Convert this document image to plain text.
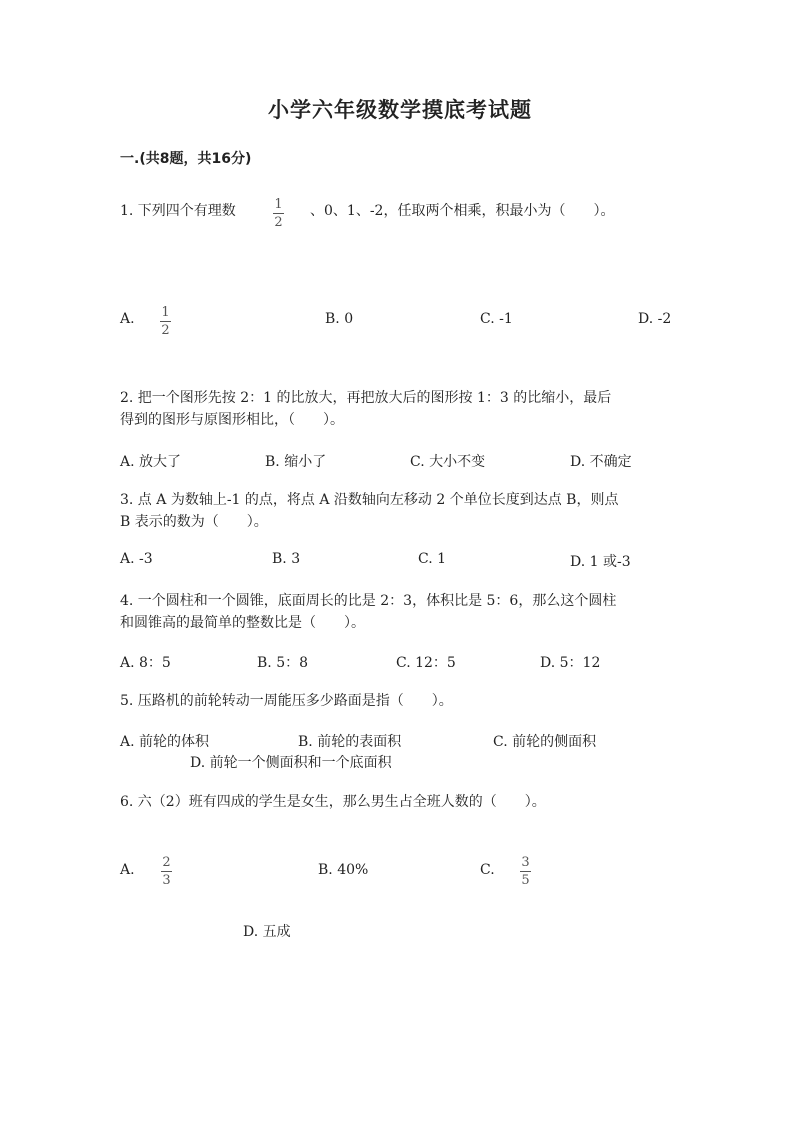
小学六年级数学摸底考试题
一.(共8题，共16分)
1. 下列四个有理数	1
2
、0、1、-2，任取两个相乘，积最小为（　　）。
A. 1
2
B. 0	C. -1	D. -2
2. 把一个图形先按 2：1 的比放大，再把放大后的图形按 1：3 的比缩小，最后
得到的图形与原图形相比，（　　）。
A. 放大了	B. 缩小了	C. 大小不变	D. 不确定
3. 点 A 为数轴上-1 的点，将点 A 沿数轴向左移动 2 个单位长度到达点 B，则点
B 表示的数为（　　）。
A. -3	B. 3	C. 1	D. 1 或-3
4. 一个圆柱和一个圆锥，底面周长的比是 2：3，体积比是 5：6，那么这个圆柱
和圆锥高的最简单的整数比是（　　）。
A. 8：5	B. 5：8	C. 12：5	D. 5：12
5. 压路机的前轮转动一周能压多少路面是指（　　）。
A. 前轮的体积	B. 前轮的表面积	C. 前轮的侧面积
D. 前轮一个侧面积和一个底面积
6. 六（2）班有四成的学生是女生，那么男生占全班人数的（　　）。
A. 2
3
B. 40%	C. 3
5
D. 五成
